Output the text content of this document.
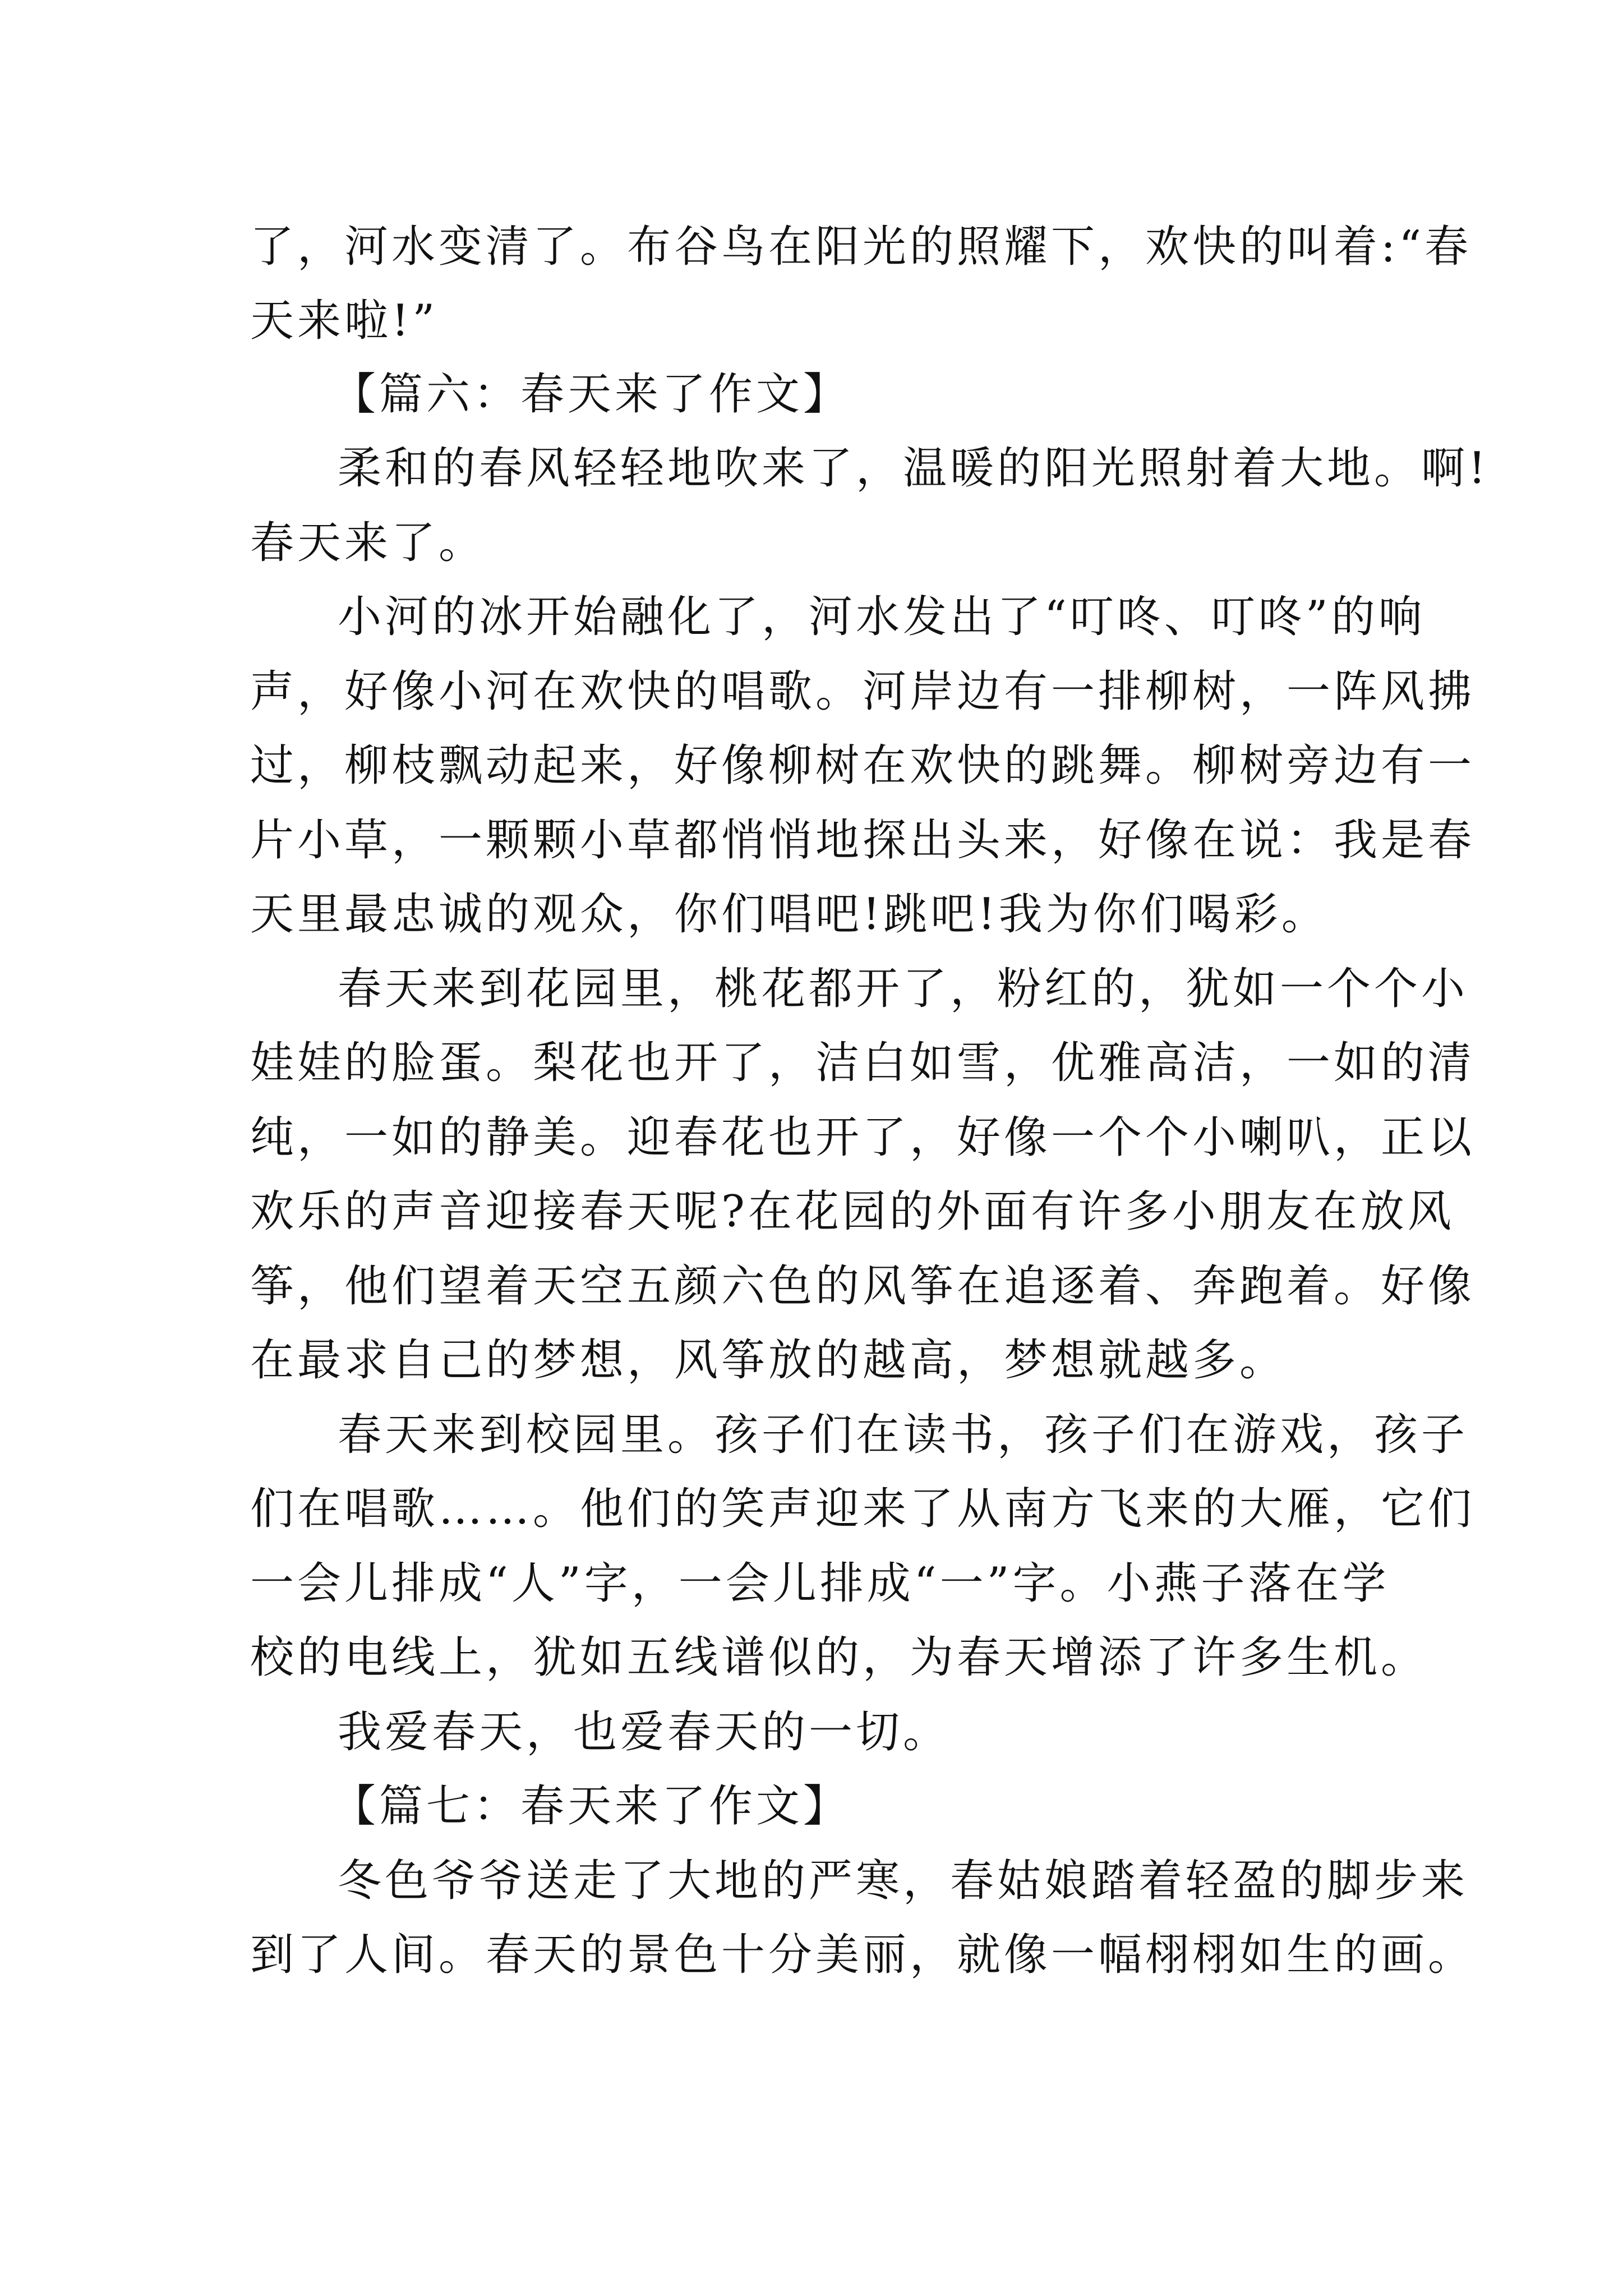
了，河水变清了。布谷鸟在阳光的照耀下，欢快的叫着:“春
天来啦!”
【篇六：春天来了作文】
柔和的春风轻轻地吹来了，温暖的阳光照射着大地。啊!
春天来了。
小河的冰开始融化了，河水发出了“叮咚、叮咚”的响
声，好像小河在欢快的唱歌。河岸边有一排柳树，一阵风拂
过，柳枝飘动起来，好像柳树在欢快的跳舞。柳树旁边有一
片小草，一颗颗小草都悄悄地探出头来，好像在说：我是春
天里最忠诚的观众，你们唱吧!跳吧!我为你们喝彩。
春天来到花园里，桃花都开了，粉红的，犹如一个个小
娃娃的脸蛋。梨花也开了，洁白如雪，优雅高洁，一如的清
纯，一如的静美。迎春花也开了，好像一个个小喇叭，正以
欢乐的声音迎接春天呢?在花园的外面有许多小朋友在放风
筝，他们望着天空五颜六色的风筝在追逐着、奔跑着。好像
在最求自己的梦想，风筝放的越高，梦想就越多。
春天来到校园里。孩子们在读书，孩子们在游戏，孩子
们在唱歌……。他们的笑声迎来了从南方飞来的大雁，它们
一会儿排成“人”字，一会儿排成“一”字。小燕子落在学
校的电线上，犹如五线谱似的，为春天增添了许多生机。
我爱春天，也爱春天的一切。
【篇七：春天来了作文】
冬色爷爷送走了大地的严寒，春姑娘踏着轻盈的脚步来
到了人间。春天的景色十分美丽，就像一幅栩栩如生的画。
